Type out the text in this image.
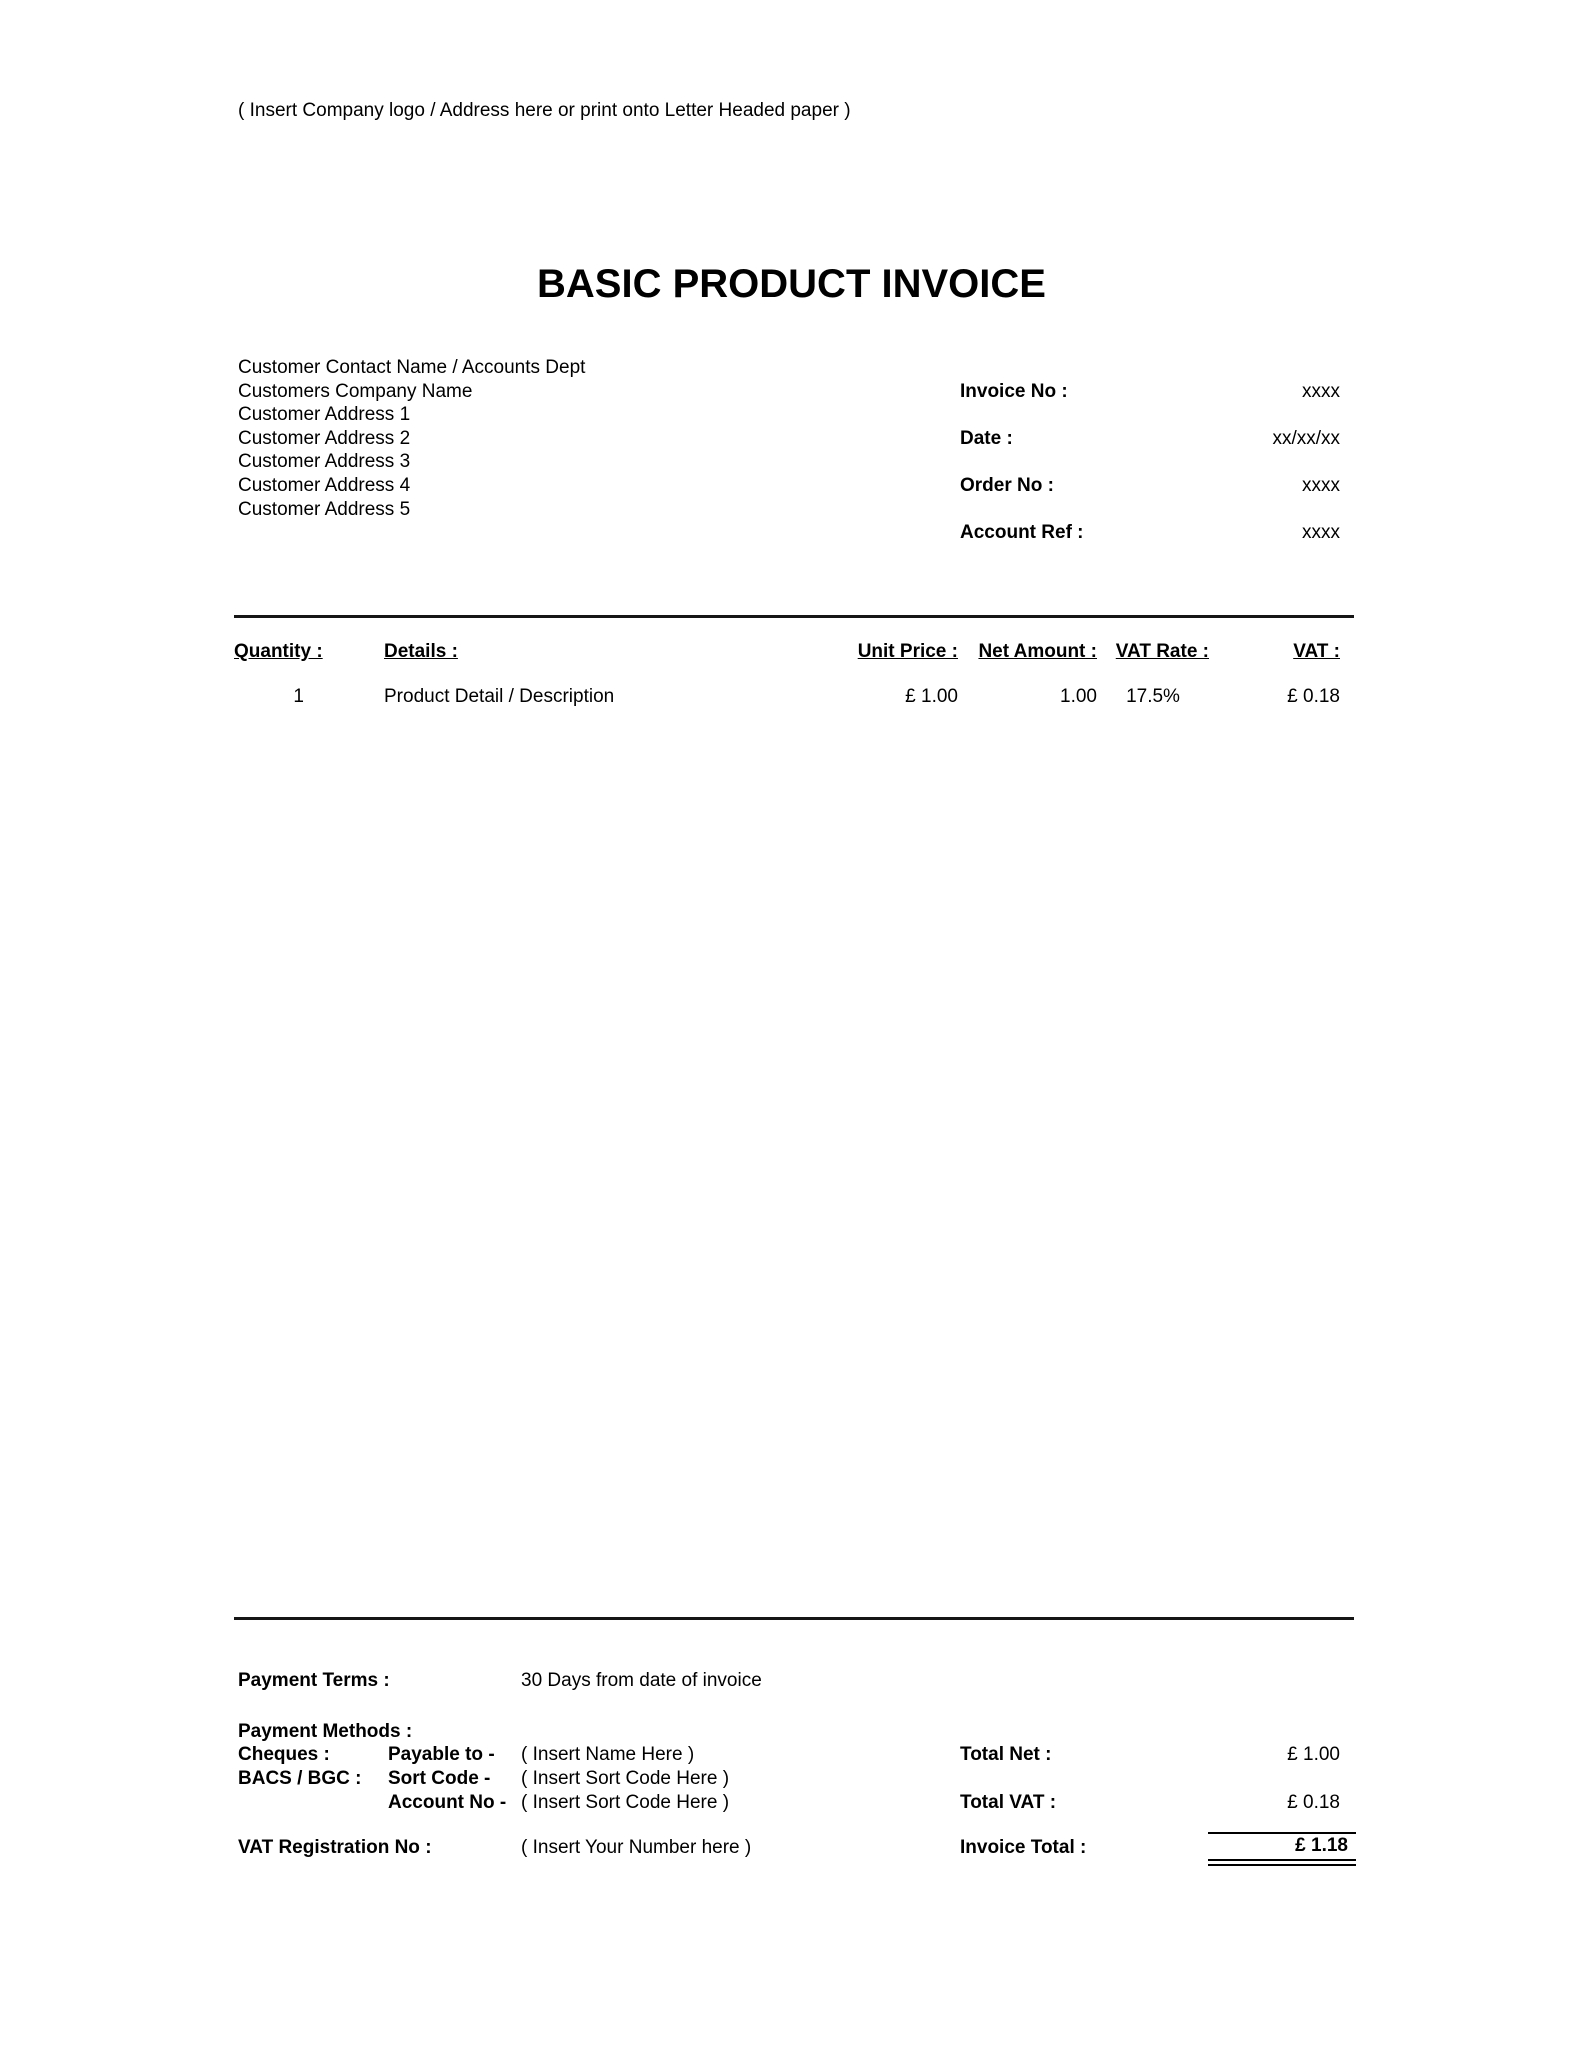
( Insert Company logo / Address here or print onto Letter Headed paper )
BASIC PRODUCT INVOICE
Customer Contact Name / Accounts Dept
Customers Company Name
Customer Address 1
Customer Address 2
Customer Address 3
Customer Address 4
Customer Address 5
Invoice No :	xxxx
Date :	xx/xx/xx
Order No :	xxxx
Account Ref :	xxxx
Quantity :	Details :	Unit Price :	Net Amount : VAT Rate :	VAT :
1	Product Detail / Description	£ 1.00	1.00	17.5%	£ 0.18
Payment Terms :	30 Days from date of invoice
Payment Methods :
Cheques :	Payable to - ( Insert Name Here )
BACS / BGC : Sort Code - ( Insert Sort Code Here )
Account No - ( Insert Sort Code Here )
VAT Registration No :	( Insert Your Number here )
Total Net :	£ 1.00
Total VAT :	£ 0.18
Invoice Total :	£ 1.18
